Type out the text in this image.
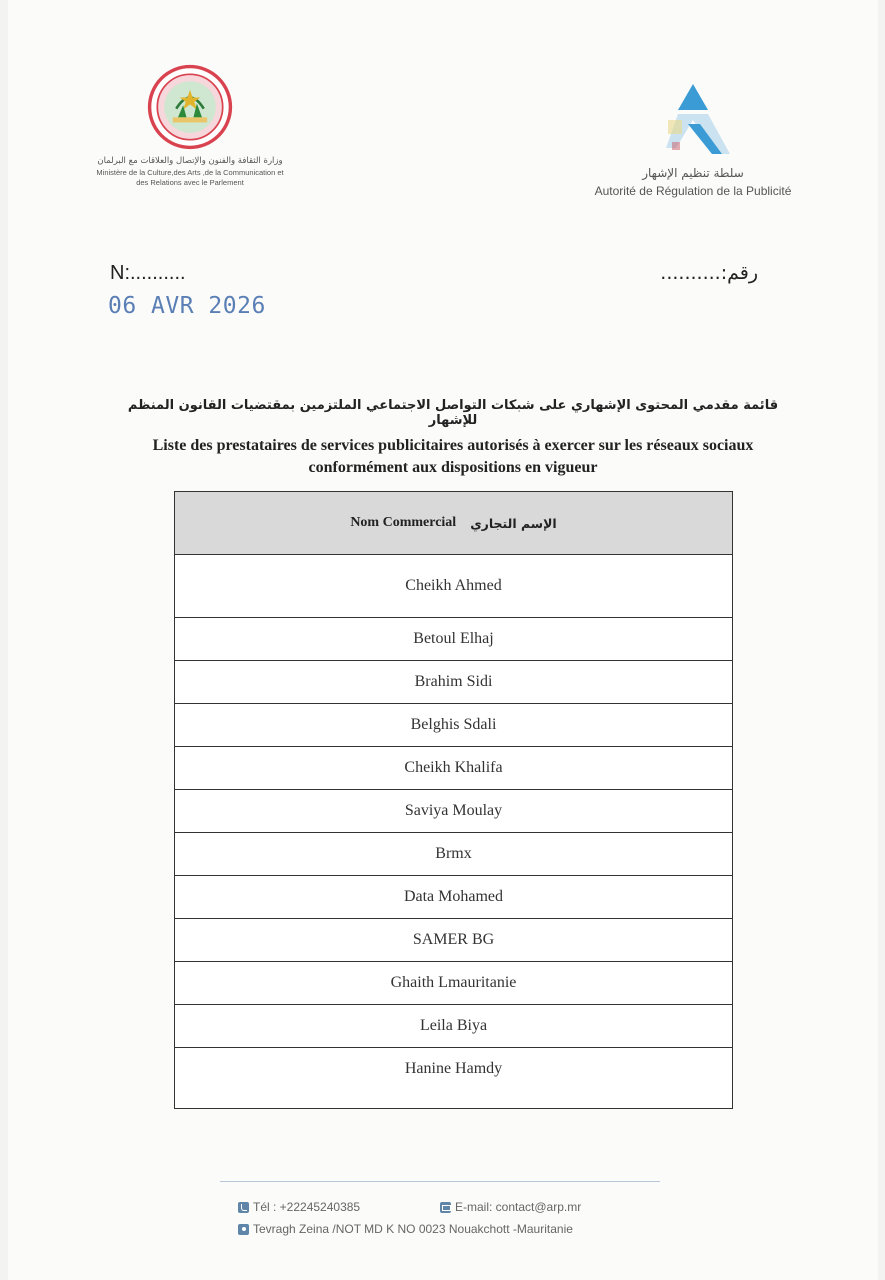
وزارة الثقافة والفنون والإتصال والعلاقات مع البرلمان
Ministère de la Culture,des Arts ,de la Communication et
des Relations avec le Parlement
سلطة تنظيم الإشهار
Autorité de Régulation de la Publicité
N:..........	رقم:..........
06 AVR 2026
قائمة مقدمي المحتوى الإشهاري على شبكات التواصل الاجتماعي الملتزمين بمقتضيات القانون المنظم للإشهار
Liste des prestataires de services publicitaires autorisés à exercer sur les réseaux sociaux
conformément aux dispositions en vigueur
Nom Commercial الإسم التجاري
Cheikh Ahmed
Betoul Elhaj
Brahim Sidi
Belghis Sdali
Cheikh Khalifa
Saviya Moulay
Brmx
Data Mohamed
SAMER BG
Ghaith Lmauritanie
Leila Biya
Hanine Hamdy
Tél : +22245240385	E-mail: contact@arp.mr
Tevragh Zeina /NOT MD K NO 0023 Nouakchott -Mauritanie
